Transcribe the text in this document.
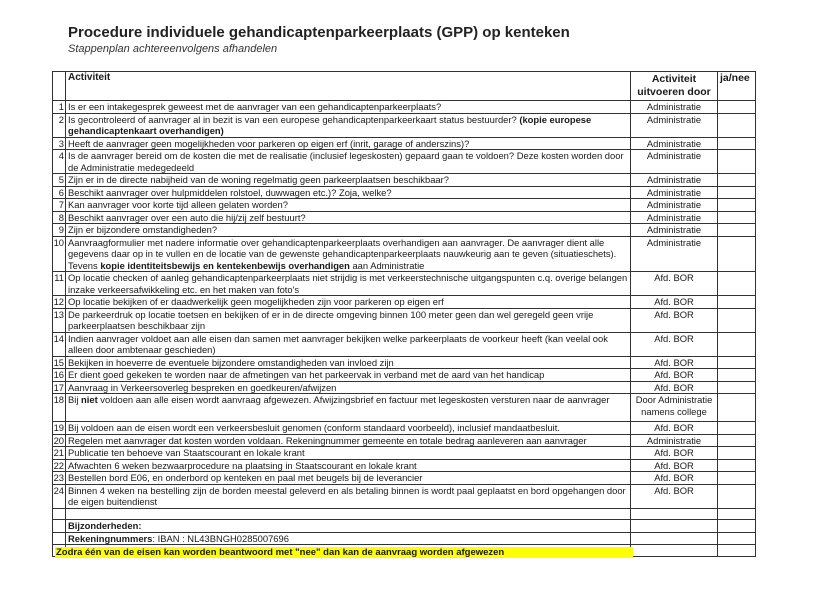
Procedure individuele gehandicaptenparkeerplaats (GPP) op kenteken
Stappenplan achtereenvolgens afhandelen
	Activiteit	Activiteit uitvoeren door	ja/nee
1	Is er een intakegesprek geweest met de aanvrager van een gehandicaptenparkeerplaats?	Administratie	
2	Is gecontroleerd of aanvrager al in bezit is van een europese gehandicaptenparkeerkaart status bestuurder? (kopie europese gehandicaptenkaart overhandigen)	Administratie	
3	Heeft de aanvrager geen mogelijkheden voor parkeren op eigen erf (inrit, garage of anderszins)?	Administratie	
4	Is de aanvrager bereid om de kosten die met de realisatie (inclusief legeskosten) gepaard gaan te voldoen? Deze kosten worden door de Administratie medegedeeld	Administratie	
5	Zijn er in de directe nabijheid van de woning regelmatig geen parkeerplaatsen beschikbaar?	Administratie	
6	Beschikt aanvrager over hulpmiddelen rolstoel, duwwagen etc.)? Zoja, welke?	Administratie	
7	Kan aanvrager voor korte tijd alleen gelaten worden?	Administratie	
8	Beschikt aanvrager over een auto die hij/zij zelf bestuurt?	Administratie	
9	Zijn er bijzondere omstandigheden?	Administratie	
10	Aanvraagformulier met nadere informatie over gehandicaptenparkeerplaats overhandigen aan aanvrager. De aanvrager dient alle gegevens daar op in te vullen en de locatie van de gewenste gehandicaptenparkeerplaats nauwkeurig aan te geven (situatieschets). Tevens kopie identiteitsbewijs en kentekenbewijs overhandigen aan Administratie	Administratie	
11	Op locatie checken of aanleg gehandicaptenparkeerplaats niet strijdig is met verkeerstechnische uitgangspunten c.q. overige belangen inzake verkeersafwikkeling etc. en het maken van foto's	Afd. BOR	
12	Op locatie bekijken of er daadwerkelijk geen mogelijkheden zijn voor parkeren op eigen erf	Afd. BOR	
13	De parkeerdruk op locatie toetsen en bekijken of er in de directe omgeving binnen 100 meter geen dan wel geregeld geen vrije parkeerplaatsen beschikbaar zijn	Afd. BOR	
14	Indien aanvrager voldoet aan alle eisen dan samen met aanvrager bekijken welke parkeerplaats de voorkeur heeft (kan veelal ook alleen door ambtenaar geschieden)	Afd. BOR	
15	Bekijken in hoeverre de eventuele bijzondere omstandigheden van invloed zijn	Afd. BOR	
16	Er dient goed gekeken te worden naar de afmetingen van het parkeervak in verband met de aard van het handicap	Afd. BOR	
17	Aanvraag in Verkeersoverleg bespreken en goedkeuren/afwijzen	Afd. BOR	
18	Bij niet voldoen aan alle eisen wordt aanvraag afgewezen. Afwijzingsbrief en factuur met legeskosten versturen naar de aanvrager	Door Administratie namens college	
19	Bij voldoen aan de eisen wordt een verkeersbesluit genomen (conform standaard voorbeeld), inclusief mandaatbesluit.	Afd. BOR	
20	Regelen met aanvrager dat kosten worden voldaan. Rekeningnummer gemeente en totale bedrag aanleveren aan aanvrager	Administratie	
21	Publicatie ten behoeve van Staatscourant en lokale krant	Afd. BOR	
22	Afwachten 6 weken bezwaarprocedure na plaatsing in Staatscourant en lokale krant	Afd. BOR	
23	Bestellen bord E06, en onderbord op kenteken en paal met beugels bij de leverancier	Afd. BOR	
24	Binnen 4 weken na bestelling zijn de borden meestal geleverd en als betaling binnen is wordt paal geplaatst en bord opgehangen door de eigen buitendienst	Afd. BOR	

	Bijzonderheden:		
	Rekeningnummers: IBAN : NL43BNGH0285007696		

Zodra één van de eisen kan worden beantwoord met "nee" dan kan de aanvraag worden afgewezen
